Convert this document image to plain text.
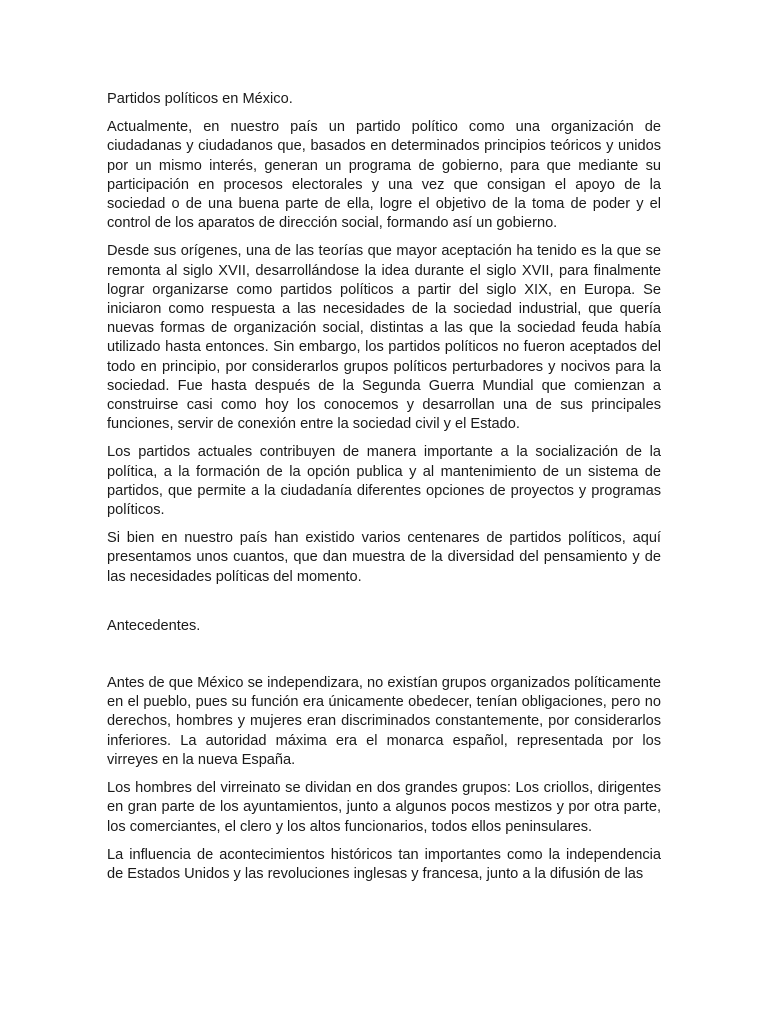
Partidos políticos en México.

Actualmente, en nuestro país un partido político como una organización de ciudadanas y ciudadanos que, basados en determinados principios teóricos y unidos por un mismo interés, generan un programa de gobierno, para que mediante su participación en procesos electorales y una vez que consigan el apoyo de la sociedad o de una buena parte de ella, logre el objetivo de la toma de poder y el control de los aparatos de dirección social, formando así un gobierno.

Desde sus orígenes, una de las teorías que mayor aceptación ha tenido es la que se remonta al siglo XVII, desarrollándose la idea durante el siglo XVII, para finalmente lograr organizarse como partidos políticos a partir del siglo XIX, en Europa. Se iniciaron como respuesta a las necesidades de la sociedad industrial, que quería nuevas formas de organización social, distintas a las que la sociedad feuda había utilizado hasta entonces. Sin embargo, los partidos políticos no fueron aceptados del todo en principio, por considerarlos grupos políticos perturbadores y nocivos para la sociedad. Fue hasta después de la Segunda Guerra Mundial que comienzan a construirse casi como hoy los conocemos y desarrollan una de sus principales funciones, servir de conexión entre la sociedad civil y el Estado.

Los partidos actuales contribuyen de manera importante a la socialización de la política, a la formación de la opción publica y al mantenimiento de un sistema de partidos, que permite a la ciudadanía diferentes opciones de proyectos y programas políticos.

Si bien en nuestro país han existido varios centenares de partidos políticos, aquí presentamos unos cuantos, que dan muestra de la diversidad del pensamiento y de las necesidades políticas del momento.

Antecedentes.

Antes de que México se independizara, no existían grupos organizados políticamente en el pueblo, pues su función era únicamente obedecer, tenían obligaciones, pero no derechos, hombres y mujeres eran discriminados constantemente, por considerarlos inferiores. La autoridad máxima era el monarca español, representada por los virreyes en la nueva España.

Los hombres del virreinato se dividan en dos grandes grupos: Los criollos, dirigentes en gran parte de los ayuntamientos, junto a algunos pocos mestizos y por otra parte, los comerciantes, el clero y los altos funcionarios, todos ellos peninsulares.

La influencia de acontecimientos históricos tan importantes como la independencia de Estados Unidos y las revoluciones inglesas y francesa, junto a la difusión de las
